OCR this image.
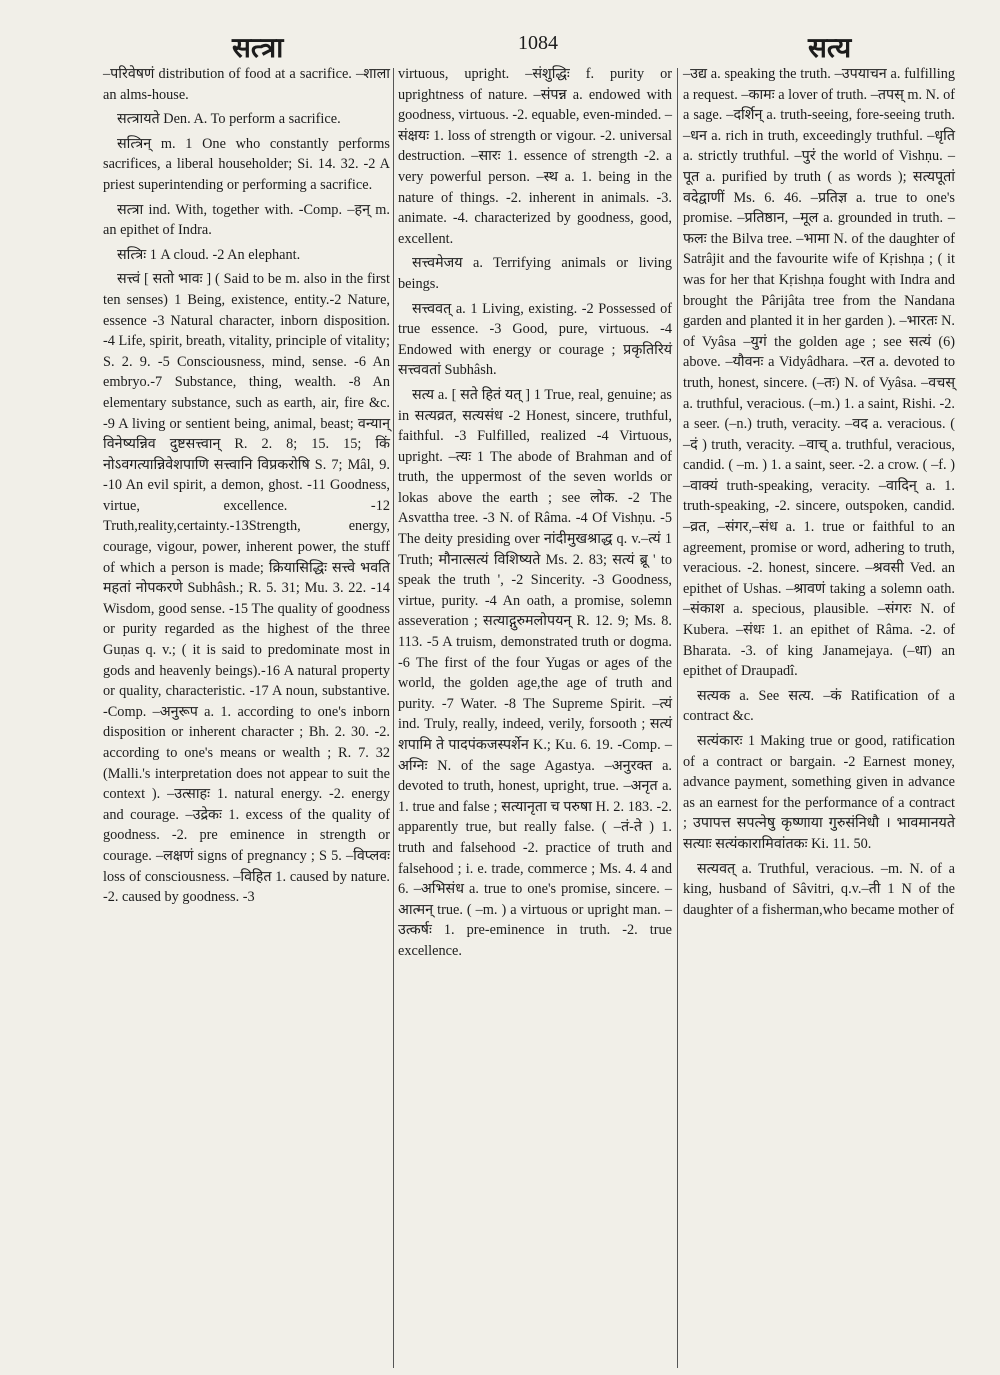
सत्त्रा	1084	सत्य

–परिवेषणं distribution of food at a sacrifice. –शाला an alms-house.

सत्त्रायते Den. A. To perform a sacrifice.

सत्त्रिन् m. 1 One who constantly performs sacrifices, a liberal householder; Si. 14. 32. -2 A priest superintending or performing a sacrifice.

सत्त्रा ind. With, together with. -Comp. –हन् m. an epithet of Indra.

सत्त्रिः 1 A cloud. -2 An elephant.

सत्त्वं [ सतो भावः ] ( Said to be m. also in the first ten senses) 1 Being, existence, entity.-2 Nature, essence -3 Natural character, inborn disposition. -4 Life, spirit, breath, vitality, principle of vitality; S. 2. 9. -5 Consciousness, mind, sense. -6 An embryo.-7 Substance, thing, wealth. -8 An elementary substance, such as earth, air, fire &c. -9 A living or sentient being, animal, beast; वन्यान् विनेष्यन्निव दुष्टसत्त्वान् R. 2. 8; 15. 15; किं नोऽवगत्यान्निवेशपाणि सत्त्वानि विप्रकरोषि S. 7; Mâl, 9. -10 An evil spirit, a demon, ghost. -11 Goodness, virtue, excellence. -12 Truth,reality,certainty.-13Strength, energy, courage, vigour, power, inherent power, the stuff of which a person is made; क्रियासिद्धिः सत्त्वे भवति महतां नोपकरणे Subhâsh.; R. 5. 31; Mu. 3. 22. -14 Wisdom, good sense. -15 The quality of goodness or purity regarded as the highest of the three Guṇas q. v.; ( it is said to predominate most in gods and heavenly beings).-16 A natural property or quality, characteristic. -17 A noun, substantive. -Comp. –अनुरूप a. 1. according to one's inborn disposition or inherent character ; Bh. 2. 30. -2. according to one's means or wealth ; R. 7. 32 (Malli.'s interpretation does not appear to suit the context ). –उत्साहः 1. natural energy. -2. energy and courage. –उद्रेकः 1. excess of the quality of goodness. -2. pre eminence in strength or courage. –लक्षणं signs of pregnancy ; S 5. –विप्लवः loss of consciousness. –विहित 1. caused by nature. -2. caused by goodness. -3

virtuous, upright. –संशुद्धिः f. purity or uprightness of nature. –संपन्न a. endowed with goodness, virtuous. -2. equable, even-minded. –संक्षयः 1. loss of strength or vigour. -2. universal destruction. –सारः 1. essence of strength -2. a very powerful person. –स्थ a. 1. being in the nature of things. -2. inherent in animals. -3. animate. -4. characterized by goodness, good, excellent.

सत्त्वमेजय a. Terrifying animals or living beings.

सत्त्ववत् a. 1 Living, existing. -2 Possessed of true essence. -3 Good, pure, virtuous. -4 Endowed with energy or courage ; प्रकृतिरियं सत्त्ववतां Subhâsh.

सत्य a. [ सते हितं यत् ] 1 True, real, genuine; as in सत्यव्रत, सत्यसंध -2 Honest, sincere, truthful, faithful. -3 Fulfilled, realized -4 Virtuous, upright. –त्यः 1 The abode of Brahman and of truth, the uppermost of the seven worlds or lokas above the earth ; see लोक. -2 The Asvattha tree. -3 N. of Râma. -4 Of Vishṇu. -5 The deity presiding over नांदीमुखश्राद्ध q. v.–त्यं 1 Truth; मौनात्सत्यं विशिष्यते Ms. 2. 83; सत्यं ब्रू ' to speak the truth ', -2 Sincerity. -3 Goodness, virtue, purity. -4 An oath, a promise, solemn asseveration ; सत्याद्गुरुमलोपयन् R. 12. 9; Ms. 8. 113. -5 A truism, demonstrated truth or dogma. -6 The first of the four Yugas or ages of the world, the golden age,the age of truth and purity. -7 Water. -8 The Supreme Spirit. –त्यं ind. Truly, really, indeed, verily, forsooth ; सत्यं शपामि ते पादपंकजस्पर्शेन K.; Ku. 6. 19. -Comp. –अग्निः N. of the sage Agastya. –अनुरक्त a. devoted to truth, honest, upright, true. –अनृत a. 1. true and false ; सत्यानृता च परुषा H. 2. 183. -2. apparently true, but really false. ( –तं-ते ) 1. truth and falsehood -2. practice of truth and falsehood ; i. e. trade, commerce ; Ms. 4. 4 and 6. –अभिसंध a. true to one's promise, sincere. –आत्मन् true. ( –m. ) a virtuous or upright man. –उत्कर्षः 1. pre-eminence in truth. -2. true excellence.

–उद्य a. speaking the truth. –उपयाचन a. fulfilling a request. –कामः a lover of truth. –तपस् m. N. of a sage. –दर्शिन् a. truth-seeing, fore-seeing truth. –धन a. rich in truth, exceedingly truthful. –धृति a. strictly truthful. –पुरं the world of Vishṇu. –पूत a. purified by truth ( as words ); सत्यपूतां वदेद्वाणीं Ms. 6. 46. –प्रतिज्ञ a. true to one's promise. –प्रतिष्ठान, –मूल a. grounded in truth. –फलः the Bilva tree. –भामा N. of the daughter of Satrâjit and the favourite wife of Kṛishṇa ; ( it was for her that Kṛishṇa fought with Indra and brought the Pârijâta tree from the Nandana garden and planted it in her garden ). –भारतः N. of Vyâsa –युगं the golden age ; see सत्यं (6) above. –यौवनः a Vidyâdhara. –रत a. devoted to truth, honest, sincere. (–तः) N. of Vyâsa. –वचस् a. truthful, veracious. (–m.) 1. a saint, Rishi. -2. a seer. (–n.) truth, veracity. –वद a. veracious. ( –दं ) truth, veracity. –वाच् a. truthful, veracious, candid. ( –m. ) 1. a saint, seer. -2. a crow. ( –f. ) –वाक्यं truth-speaking, veracity. –वादिन् a. 1. truth-speaking, -2. sincere, outspoken, candid. –व्रत, –संगर,–संध a. 1. true or faithful to an agreement, promise or word, adhering to truth, veracious. -2. honest, sincere. –श्रवसी Ved. an epithet of Ushas. –श्रावणं taking a solemn oath. –संकाश a. specious, plausible. –संगरः N. of Kubera. –संधः 1. an epithet of Râma. -2. of Bharata. -3. of king Janamejaya. (–धा) an epithet of Draupadî.

सत्यक a. See सत्य. –कं Ratification of a contract &c.

सत्यंकारः 1 Making true or good, ratification of a contract or bargain. -2 Earnest money, advance payment, something given in advance as an earnest for the performance of a contract ; उपापत्त सपत्नेषु कृष्णाया गुरुसंनिधौ । भावमानयते सत्याः सत्यंकारामिवांतकः Ki. 11. 50.

सत्यवत् a. Truthful, veracious. –m. N. of a king, husband of Sâvitri, q.v.–ती 1 N of the daughter of a fisherman,who became mother of
